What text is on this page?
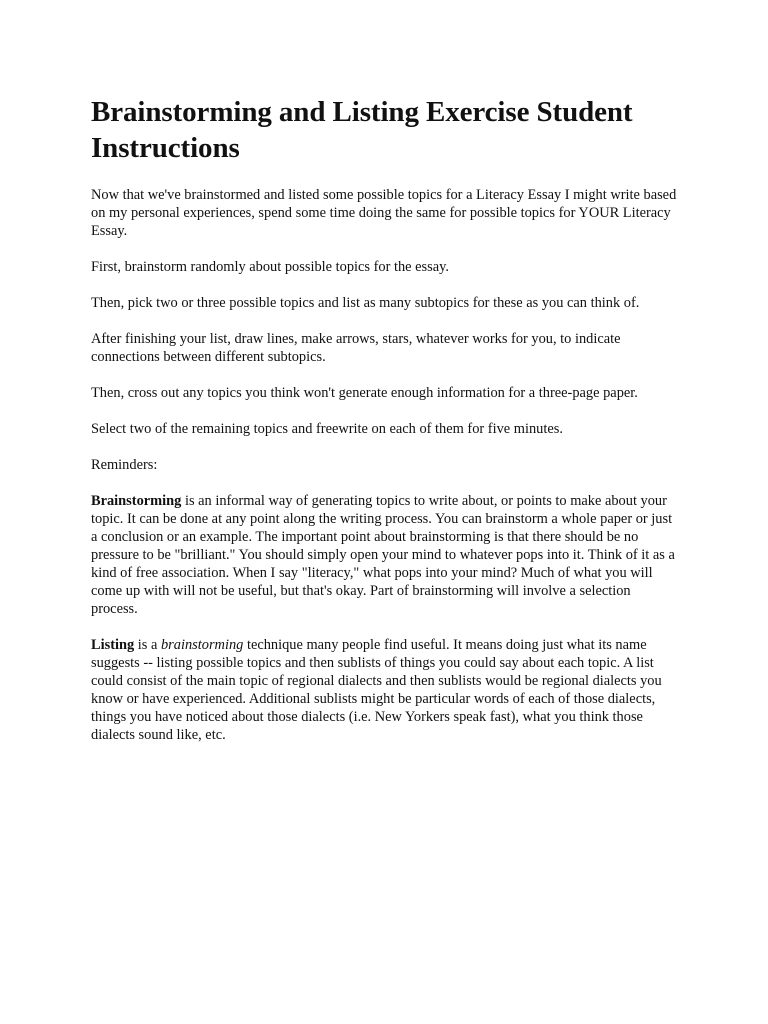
Brainstorming and Listing Exercise Student Instructions

Now that we've brainstormed and listed some possible topics for a Literacy Essay I might write based on my personal experiences, spend some time doing the same for possible topics for YOUR Literacy Essay.

First, brainstorm randomly about possible topics for the essay.

Then, pick two or three possible topics and list as many subtopics for these as you can think of.

After finishing your list, draw lines, make arrows, stars, whatever works for you, to indicate connections between different subtopics.

Then, cross out any topics you think won't generate enough information for a three-page paper.

Select two of the remaining topics and freewrite on each of them for five minutes.

Reminders:

Brainstorming is an informal way of generating topics to write about, or points to make about your topic. It can be done at any point along the writing process. You can brainstorm a whole paper or just a conclusion or an example. The important point about brainstorming is that there should be no pressure to be "brilliant." You should simply open your mind to whatever pops into it. Think of it as a kind of free association. When I say "literacy," what pops into your mind? Much of what you will come up with will not be useful, but that's okay. Part of brainstorming will involve a selection process.

Listing is a brainstorming technique many people find useful. It means doing just what its name suggests -- listing possible topics and then sublists of things you could say about each topic. A list could consist of the main topic of regional dialects and then sublists would be regional dialects you know or have experienced. Additional sublists might be particular words of each of those dialects, things you have noticed about those dialects (i.e. New Yorkers speak fast), what you think those dialects sound like, etc.
